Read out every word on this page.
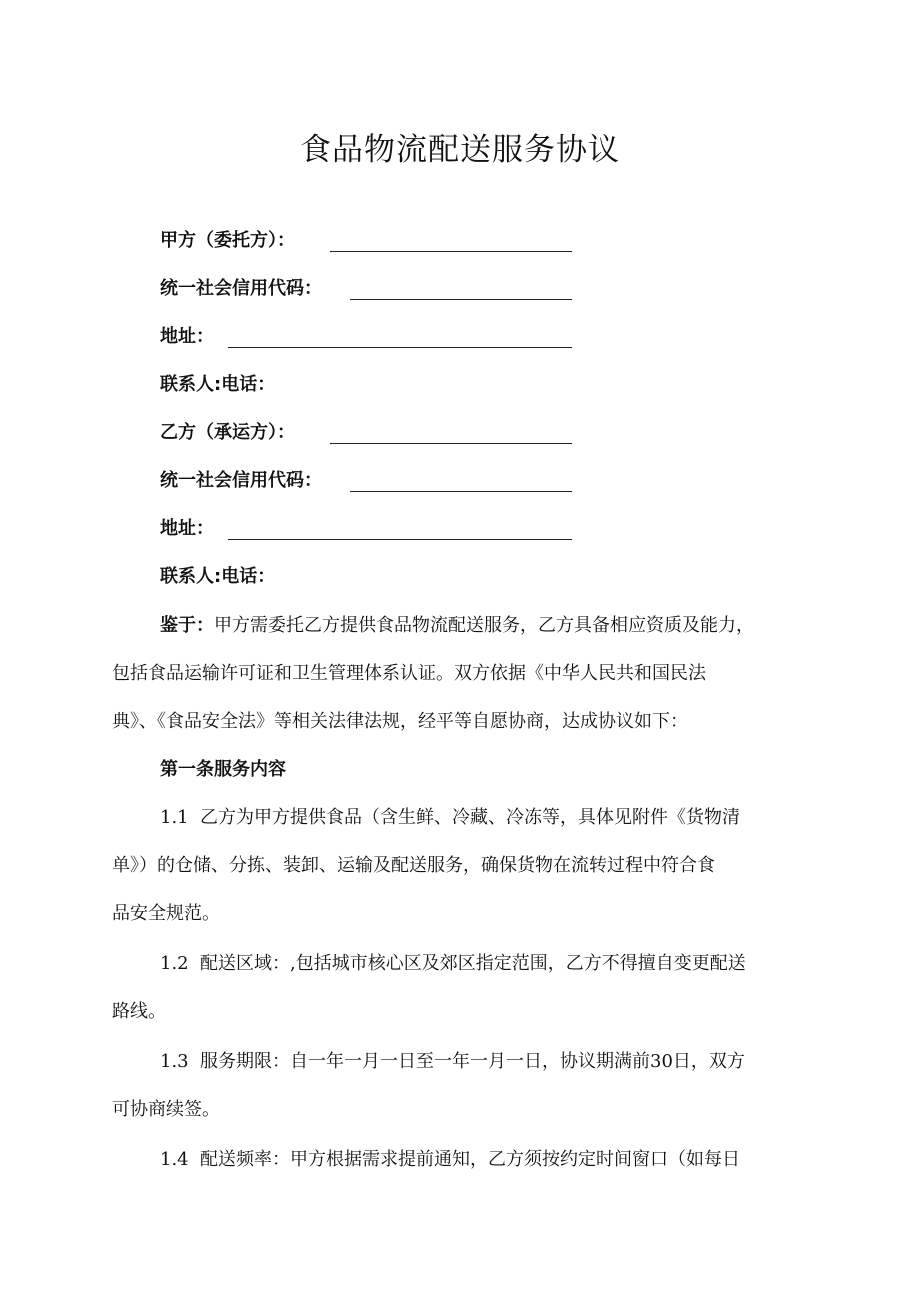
食品物流配送服务协议
甲方（委托方）：
统一社会信用代码：
地址：
联系人:电话：
乙方（承运方）：
统一社会信用代码：
地址：
联系人:电话：

鉴于：甲方需委托乙方提供食品物流配送服务，乙方具备相应资质及能力，
包括食品运输许可证和卫生管理体系认证。双方依据《中华人民共和国民法
典》、《食品安全法》等相关法律法规，经平等自愿协商，达成协议如下：

第一条服务内容

1.1 乙方为甲方提供食品（含生鲜、冷藏、冷冻等，具体见附件《货物清
单》）的仓储、分拣、装卸、运输及配送服务，确保货物在流转过程中符合食
品安全规范。

1.2 配送区域：,包括城市核心区及郊区指定范围，乙方不得擅自变更配送
路线。

1.3 服务期限：自一年一月一日至一年一月一日，协议期满前30日，双方
可协商续签。

1.4 配送频率：甲方根据需求提前通知，乙方须按约定时间窗口（如每日
